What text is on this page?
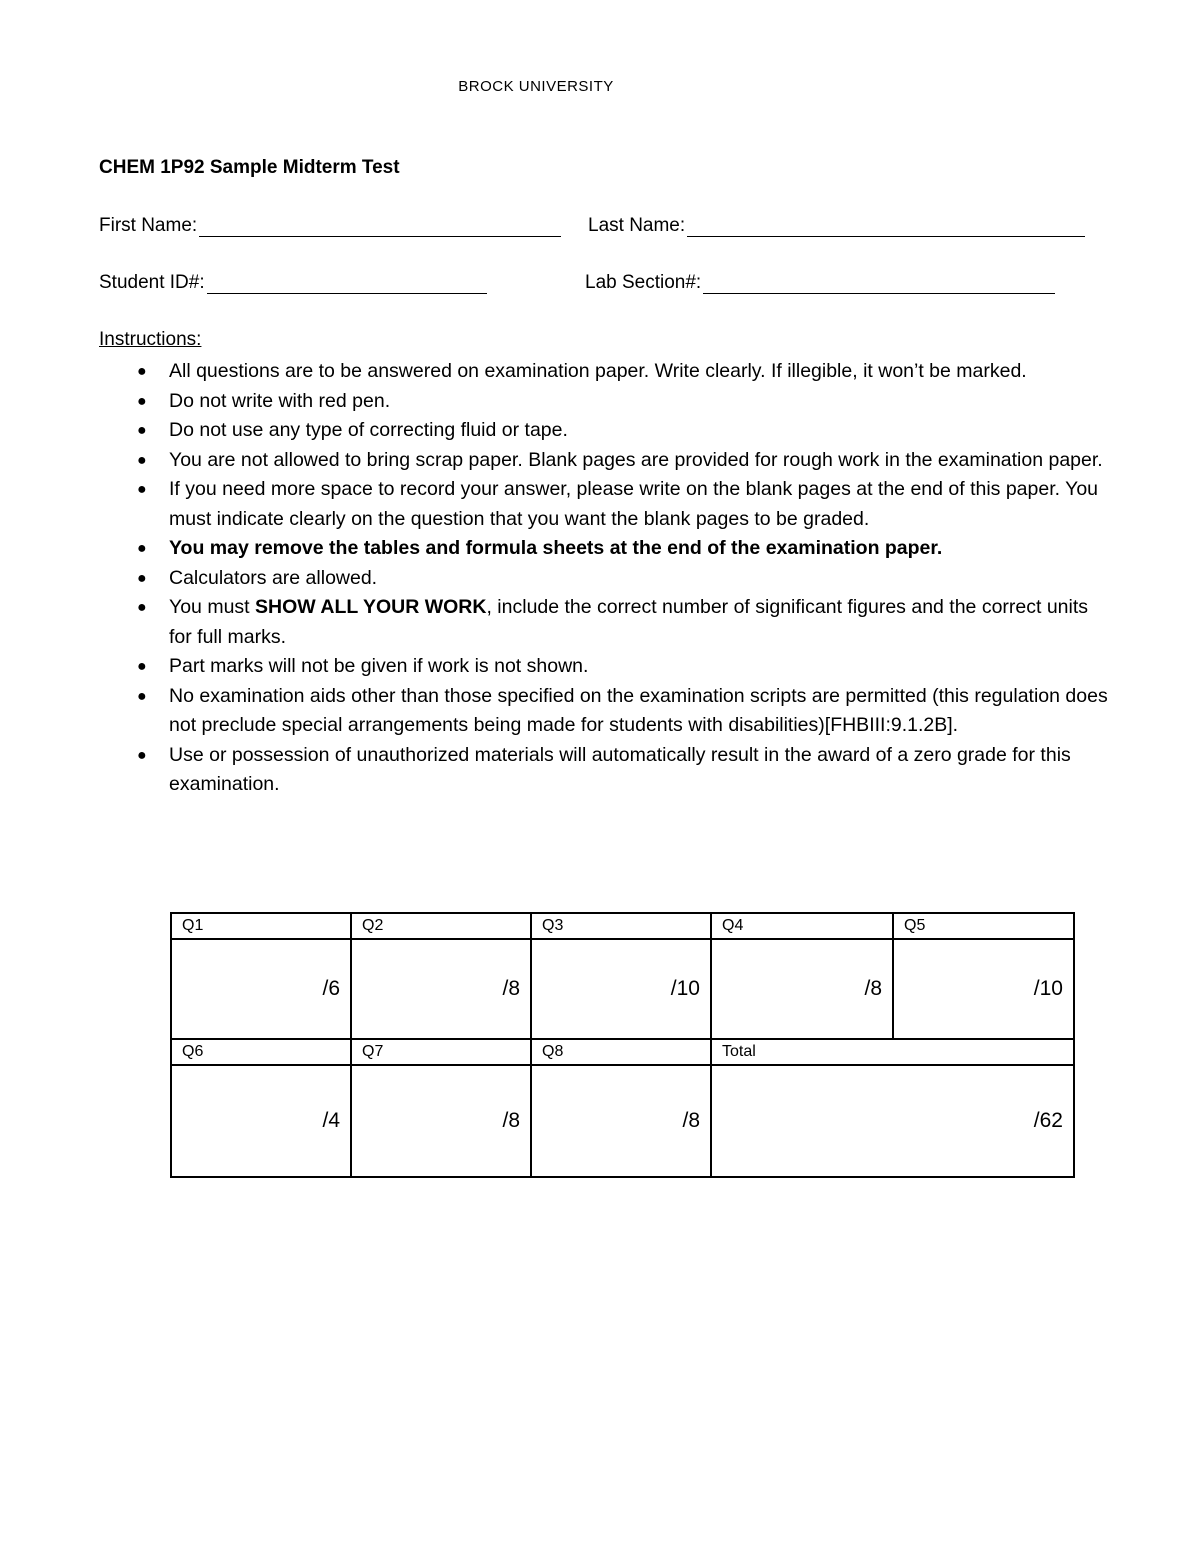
BROCK UNIVERSITY
CHEM 1P92 Sample Midterm Test
First Name:	Last Name:
Student ID#:	Lab Section#:
Instructions:
● All questions are to be answered on examination paper. Write clearly. If illegible, it won’t be marked.
● Do not write with red pen.
● Do not use any type of correcting fluid or tape.
● You are not allowed to bring scrap paper. Blank pages are provided for rough work in the examination paper.
● If you need more space to record your answer, please write on the blank pages at the end of this paper. You must indicate clearly on the question that you want the blank pages to be graded.
● You may remove the tables and formula sheets at the end of the examination paper.
● Calculators are allowed.
● You must SHOW ALL YOUR WORK, include the correct number of significant figures and the correct units for full marks.
● Part marks will not be given if work is not shown.
● No examination aids other than those specified on the examination scripts are permitted (this regulation does not preclude special arrangements being made for students with disabilities)[FHBIII:9.1.2B].
● Use or possession of unauthorized materials will automatically result in the award of a zero grade for this examination.
Q1	Q2	Q3	Q4	Q5
/6	/8	/10	/8	/10
Q6	Q7	Q8	Total	
/4	/8	/8	/62	
